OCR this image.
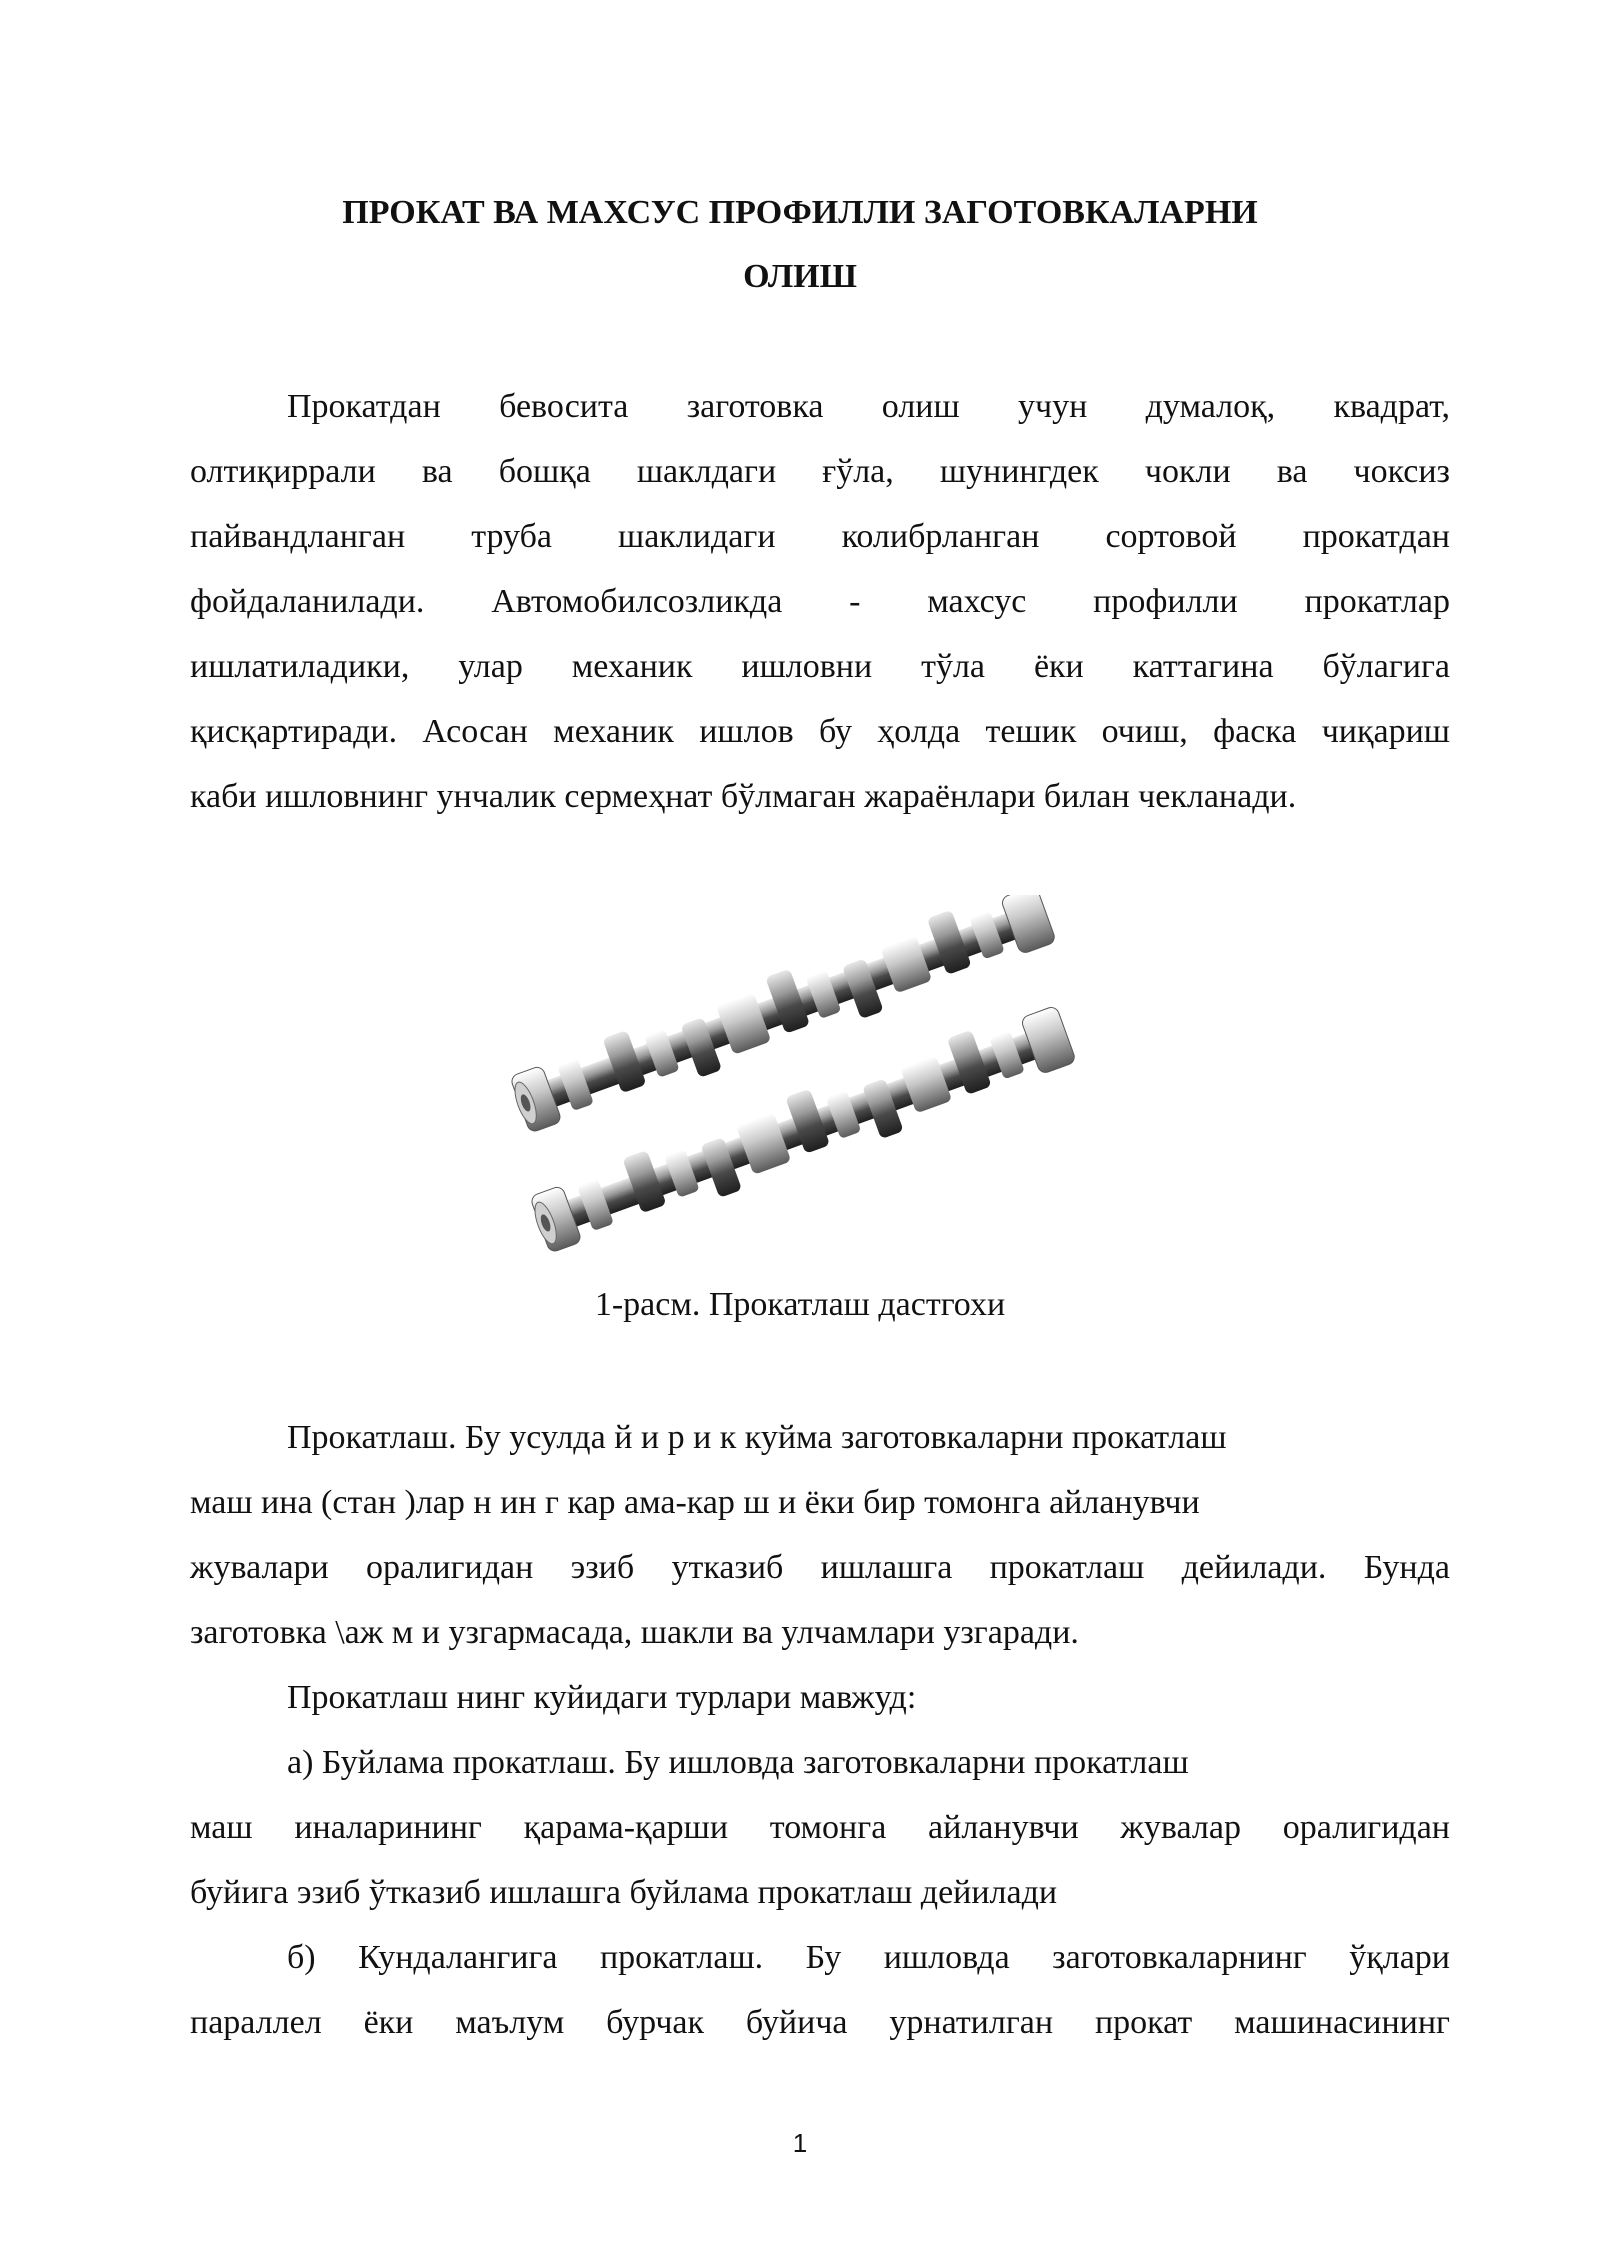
ПРОКАТ ВА МАХСУС ПРОФИЛЛИ ЗАГОТОВКАЛАРНИ
ОЛИШ
Прокатдан бевосита заготовка олиш учун думалоқ, квадрат,
олтиқиррали ва бошқа шаклдаги ғўла, шунингдек чокли ва чоксиз
пайвандланган труба шаклидаги колибрланган сортовой прокатдан
фойдаланилади. Автомобилсозликда - махсус профилли прокатлар
ишлатиладики, улар механик ишловни тўла ёки каттагина бўлагига
қисқартиради. Асосан механик ишлов бу ҳолда тешик очиш, фаска чиқариш
каби ишловнинг унчалик сермеҳнат бўлмаган жараёнлари билан чекланади.
1-расм. Прокатлаш дастгохи
Прокатлаш. Бу усулда й и р и к куйма заготовкаларни прокатлаш
маш ина (стан )лар н ин г кар ама-кар ш и ёки бир томонга айланувчи
жувалари оралигидан эзиб утказиб ишлашга прокатлаш дейилади. Бунда
заготовка \аж м и узгармасада, шакли ва улчамлари узгаради.
Прокатлаш нинг куйидаги турлари мавжуд:
а) Буйлама прокатлаш. Бу ишловда заготовкаларни прокатлаш
маш иналарининг қарама-қарши томонга айланувчи жувалар оралигидан
буйига эзиб ўтказиб ишлашга буйлама прокатлаш дейилади
б) Кундалангига прокатлаш. Бу ишловда заготовкаларнинг ўқлари
параллел ёки маълум бурчак буйича урнатилган прокат машинасининг
1
